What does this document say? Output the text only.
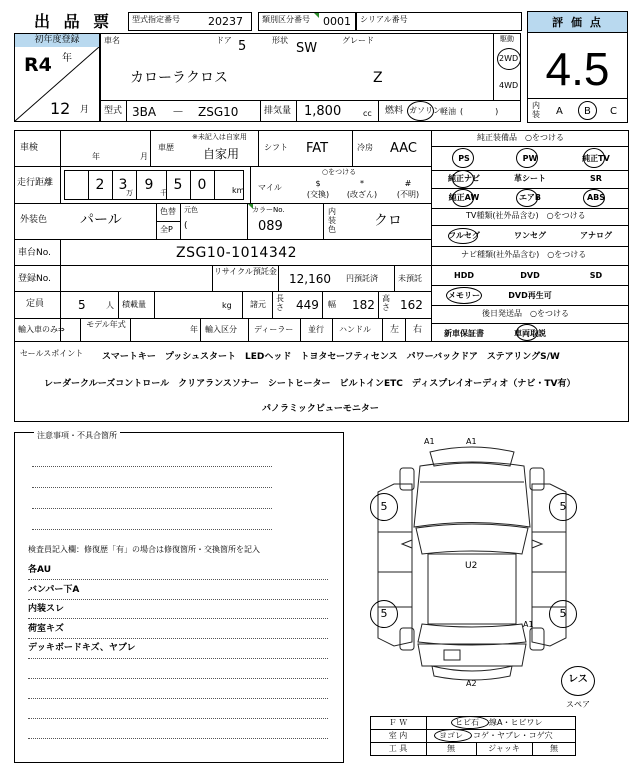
出 品 票 型式指定番号	20237 類別区分番号 0001 シリアル番号
初年度登録
R4 年
12 月
車名
カローラクロス
ドア 5	形状
SW
グレード
Z
駆動
2WD
4WD
型式 3BA － ZSG10	排気量 1,800	cc 燃料 ガソリン 軽油 (　　　　)
評 価 点
4.5
内装 A B C
車検
年	月
車歴
※未記入は自家用
自家用	シフト FAT	冷房 AAC
走行距離	2	万
3	9 千 5	0	km
○をつける
マイル	$
(交換)
*
(改ざん)
#
(不明)
外装色 パール
色替
全P
元色
(
カラーNo.
089
内装色
クロ
車台No.	ZSG10-1014342
登録No.
リサイクル預託金
12,160 円預託済	未預託
定員	5	人 積載量	kg 諸元
長さ 449 幅 182 高さ 162
輸入車のみ⇒
モデル年式
年 輸入区分 ディーラー 並行 ハンドル 左 右
純正装備品　○をつける
PS	PW	純正TV
純正ナビ	革シート	SR
純正AW	エアB	ABS
TV種類(社外品含む)　○をつける
フルセグ	ワンセグ	アナログ
ナビ種類(社外品含む)　○をつける
HDD	DVD	SD
メモリー	DVD再生可
後日発送品　○をつける
新車保証書	車両取説
セールスポイント スマートキー　プッシュスタート　LEDヘッド　トヨタセーフティセンス　パワーバックドア　ステアリングS/W
レーダークルーズコントロール　クリアランスソナー　シートヒーター　ビルトインETC　ディスプレイオーディオ（ナビ・TV有）
パノラミックビューモニター
注意事項・不具合箇所
検査員記入欄：修復歴「有」の場合は修復箇所・交換箇所を記入
各AU
バンパー下A
内装スレ
荷室キズ
デッキボードキズ、ヤブレ
A1	A1
U2
A1
A2
5	5
5	5
レス
スペア
Ｆ Ｗ	ヒビ石 線A・ヒビワレ
室 内	ヨゴレ コゲ・ヤブレ・コゲ穴
工 具	無	ジャッキ	無
